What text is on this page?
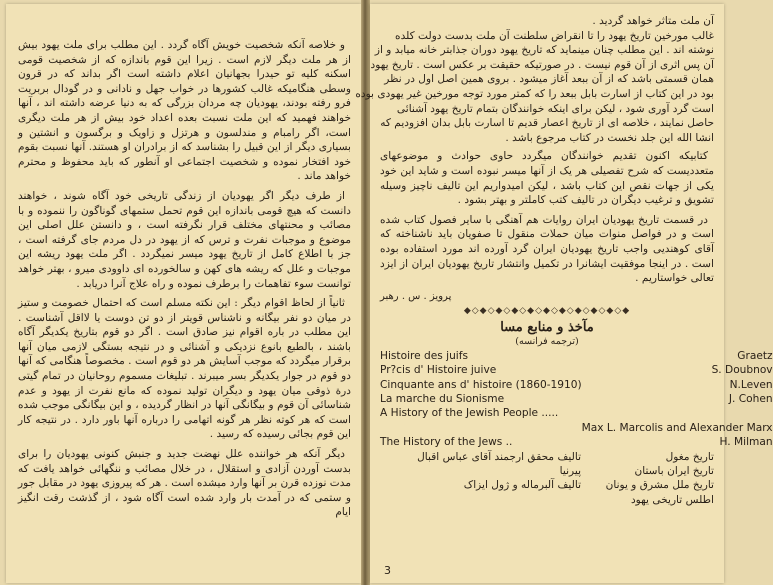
و خلاصه آنکه شخصیت خویش آگاه گردد . این مطلب برای ملت یهود بیش از هر ملت دیگر لازم است . زیرا این قوم باندازه که از شخصیت قومی اسکنه کلیه تو حیدرا بجهانیان اعلام داشته است اگر بداند که در قرون وسطی هنگامیکه غالب کشورها در خواب جهل و نادانی و در گودال بربریت فرو رفته بودند، یهودیان چه مردان بزرگی که به دنیا عرضه داشته اند ، آنها خواهند فهمید که این ملت نسبت بعده اعداد خود بیش از هر ملت دیگری است، اگر رامبام و مندلسون و هرتزل و زاویک و برگسون و انشتین و بسیاری دیگر از این قبیل را بشناسد که از برادران او هستند. آنها نسبت بقوم خود افتخار نموده و شخصیت اجتماعی او آنطور که باید محفوظ و محترم خواهد ماند .

از طرف دیگر اگر یهودیان از زندگی تاریخی خود آگاه شوند ، خواهند دانست که هیچ قومی باندازه این قوم تحمل ستمهای گوناگون را ننموده و با مصائب و محنتهای مختلف قرار نگرفته است ، و دانستن علل اصلی این موضوع و موجبات نفرت و ترس که از یهود در دل مردم جای گرفته است ، جز با اطلاع کامل از تاریخ یهود میسر نمیگردد . اگر ملت یهود ریشه این موجبات و علل که ریشه های کهن و سالخورده ای داوودی میرو ، بهتر خواهد توانست سوء تفاهمات را برطرف نموده و راه علاج آنرا دریابد .

ثانیاً از لحاظ اقوام دیگر : این نکته مسلم است که احتمال خصومت و ستیز در میان دو نفر بیگانه و ناشناس قویتر از دو تن دوست یا لااقل آشناست . این مطلب در باره اقوام نیز صادق است . اگر دو قوم بتاریخ یکدیگر آگاه باشند ، بالطبع بانوع نزدیکی و آشنائی و در نتیجه بستگی لازمی میان آنها برقرار میگردد که موجب آسایش هر دو قوم است . مخصوصاً هنگامی که آنها دو قوم در جوار یکدیگر بسر میبرند . تبلیغات مسموم روحانیان در تمام گیتی درة ذوقی میان یهود و دیگران تولید نموده که مانع نفرت از یهود و عدم شناسائی آن قوم و بیگانگی آنها در انظار گردیده ، و این بیگانگی موجب شده است که هر کوته نظر هر گونه اتهامی را درباره آنها باور دارد . در نتیجه کار این قوم بجائی رسیده که رسید .

دیگر آنکه هر خواننده علل نهضت جدید و جنبش کنونی یهودیان را برای بدست آوردن آزادی و استقلال ، در خلال مصائب و ننگهائی خواهد یافت که مدت نوزده قرن بر آنها وارد میشده است . هر که پیروزی یهود در مقابل جور و ستمی که در آمدت بار وارد شده است آگاه شود ، از گذشت رقت انگیز ایام

آن ملت متاثر خواهد گردید .
غالب مورخین تاریخ یهود را تا انقراض سلطنت آن ملت بدست دولت کلده
نوشته اند . این مطلب چنان مینماید که تاریخ یهود دوران جذابتر خانه میابد و از
آن پس اثری از آن قوم نیست . در صورتیکه حقیقت بر عکس است . تاریخ یهود
همان قسمتی باشد که از آن ببعد آغاز میشود . بروی همین اصل اول در نظر
بود در این کتاب از اسارت بابل ببعد را که کمتر مورد توجه مورخین غیر یهودی بوده
است گرد آوری شود ، لیکن برای اینکه خوانندگان بتمام تاریخ یهود آشنائی
حاصل نمایند ، خلاصه ای از تاریخ اعصار قدیم تا اسارت بابل بدان افزودیم که
انشا الله این جلد نخست در کتاب مرجوع باشد .

کتابیکه اکنون تقدیم خوانندگان میگردد حاوی حوادث و موضوعهای متعددیست که شرح تفصیلی هر یک از آنها میسر نبوده است و شاید این خود یکی از جهات نقص این کتاب باشد ، لیکن امیدواریم این تالیف ناچیز وسیله تشویق و ترغیب دیگران در تالیف کتب کاملتر و بهتر بشود .

در قسمت تاریخ یهودیان ایران روایات هم آهنگی با سایر فصول کتاب شده است و در فواصل منوات میان حملات منقول تا صفویان باید ناشناخته که آقای کوهندیی واجب تاریخ یهودیان ایران گرد آورده اند مورد استفاده بوده است . در اینجا موفقیت ایشانرا در تکمیل وانتشار تاریخ یهودیان ایران از ایزد تعالی خواستاریم .

پرویز . س . رهبر
◆◇◆◇◆◇◆◇◆◇◆◇◆◇◆◇◆◇◆◇◆
مآخذ و منابع مسا
(ترجمه فرانسه)
Histoire des juifs	Graetz
Pr?cis d' Histoire juive	S. Doubnov
Cinquante ans d' histoire (1860-1910)	N.Leven
La marche du Sionisme	J. Cohen
A History of the Jewish People .....	
	Max L. Marcolis and Alexander Marx
The History of the Jews ..	H. Milman
تاریخ مغول	تالیف محقق ارجمند آقای عباس اقبال
تاریخ ایران باستان	پیرنیا
تاریخ ملل مشرق و یونان	تالیف آلبرماله و ژول ایزاک
اطلس تاریخی یهود	
3
